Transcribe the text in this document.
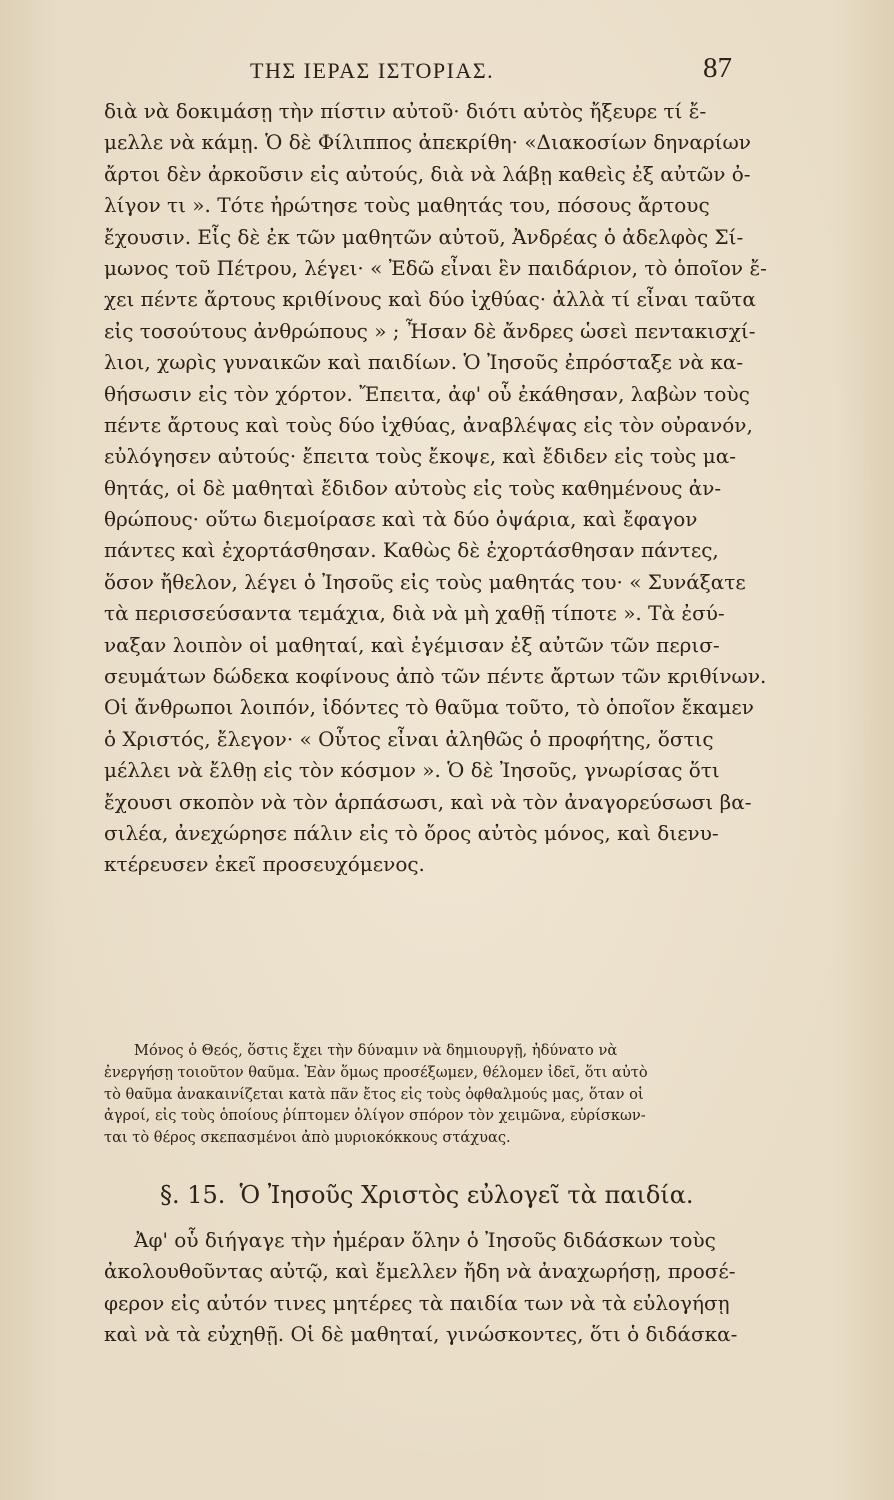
ΤΗΣ ΙΕΡΑΣ ΙΣΤΟΡΙΑΣ.	87
διὰ νὰ δοκιμάσῃ τὴν πίστιν αὐτοῦ· διότι αὐτὸς ἤξευρε τί ἔ-
μελλε νὰ κάμῃ. Ὁ δὲ Φίλιππος ἀπεκρίθη· «Διακοσίων δηναρίων
ἄρτοι δὲν ἀρκοῦσιν εἰς αὐτούς, διὰ νὰ λάβῃ καθεὶς ἐξ αὐτῶν ὀ-
λίγον τι ». Τότε ἠρώτησε τοὺς μαθητάς του, πόσους ἄρτους
ἔχουσιν. Εἷς δὲ ἐκ τῶν μαθητῶν αὐτοῦ, Ἀνδρέας ὁ ἀδελφὸς Σί-
μωνος τοῦ Πέτρου, λέγει· « Ἐδῶ εἶναι ἓν παιδάριον, τὸ ὁποῖον ἔ-
χει πέντε ἄρτους κριθίνους καὶ δύο ἰχθύας· ἀλλὰ τί εἶναι ταῦτα
εἰς τοσούτους ἀνθρώπους » ; Ἦσαν δὲ ἄνδρες ὡσεὶ πεντακισχί-
λιοι, χωρὶς γυναικῶν καὶ παιδίων. Ὁ Ἰησοῦς ἐπρόσταξε νὰ κα-
θήσωσιν εἰς τὸν χόρτον. Ἔπειτα, ἀφ' οὗ ἐκάθησαν, λαβὼν τοὺς
πέντε ἄρτους καὶ τοὺς δύο ἰχθύας, ἀναβλέψας εἰς τὸν οὐρανόν,
εὐλόγησεν αὐτούς· ἔπειτα τοὺς ἔκοψε, καὶ ἔδιδεν εἰς τοὺς μα-
θητάς, οἱ δὲ μαθηταὶ ἔδιδον αὐτοὺς εἰς τοὺς καθημένους ἀν-
θρώπους· οὕτω διεμοίρασε καὶ τὰ δύο ὀψάρια, καὶ ἔφαγον
πάντες καὶ ἐχορτάσθησαν. Καθὼς δὲ ἐχορτάσθησαν πάντες,
ὅσον ἤθελον, λέγει ὁ Ἰησοῦς εἰς τοὺς μαθητάς του· « Συνάξατε
τὰ περισσεύσαντα τεμάχια, διὰ νὰ μὴ χαθῇ τίποτε ». Τὰ ἐσύ-
ναξαν λοιπὸν οἱ μαθηταί, καὶ ἐγέμισαν ἐξ αὐτῶν τῶν περισ-
σευμάτων δώδεκα κοφίνους ἀπὸ τῶν πέντε ἄρτων τῶν κριθίνων.
Οἱ ἄνθρωποι λοιπόν, ἰδόντες τὸ θαῦμα τοῦτο, τὸ ὁποῖον ἔκαμεν
ὁ Χριστός, ἔλεγον· « Οὗτος εἶναι ἀληθῶς ὁ προφήτης, ὅστις
μέλλει νὰ ἔλθῃ εἰς τὸν κόσμον ». Ὁ δὲ Ἰησοῦς, γνωρίσας ὅτι
ἔχουσι σκοπὸν νὰ τὸν ἁρπάσωσι, καὶ νὰ τὸν ἀναγορεύσωσι βα-
σιλέα, ἀνεχώρησε πάλιν εἰς τὸ ὄρος αὐτὸς μόνος, καὶ διενυ-
κτέρευσεν ἐκεῖ προσευχόμενος.
Μόνος ὁ Θεός, ὅστις ἔχει τὴν δύναμιν νὰ δημιουργῇ, ἠδύνατο νὰ
ἐνεργήσῃ τοιοῦτον θαῦμα. Ἐὰν ὅμως προσέξωμεν, θέλομεν ἰδεῖ, ὅτι αὐτὸ
τὸ θαῦμα ἀνακαινίζεται κατὰ πᾶν ἔτος εἰς τοὺς ὀφθαλμούς μας, ὅταν οἱ
ἀγροί, εἰς τοὺς ὁποίους ῥίπτομεν ὀλίγον σπόρον τὸν χειμῶνα, εὑρίσκων-
ται τὸ θέρος σκεπασμένοι ἀπὸ μυριοκόκκους στάχυας.
§. 15. Ὁ Ἰησοῦς Χριστὸς εὐλογεῖ τὰ παιδία.
Ἀφ' οὗ διήγαγε τὴν ἡμέραν ὅλην ὁ Ἰησοῦς διδάσκων τοὺς
ἀκολουθοῦντας αὐτῷ, καὶ ἔμελλεν ἤδη νὰ ἀναχωρήσῃ, προσέ-
φερον εἰς αὐτόν τινες μητέρες τὰ παιδία των νὰ τὰ εὐλογήσῃ
καὶ νὰ τὰ εὐχηθῇ. Οἱ δὲ μαθηταί, γινώσκοντες, ὅτι ὁ διδάσκα-
